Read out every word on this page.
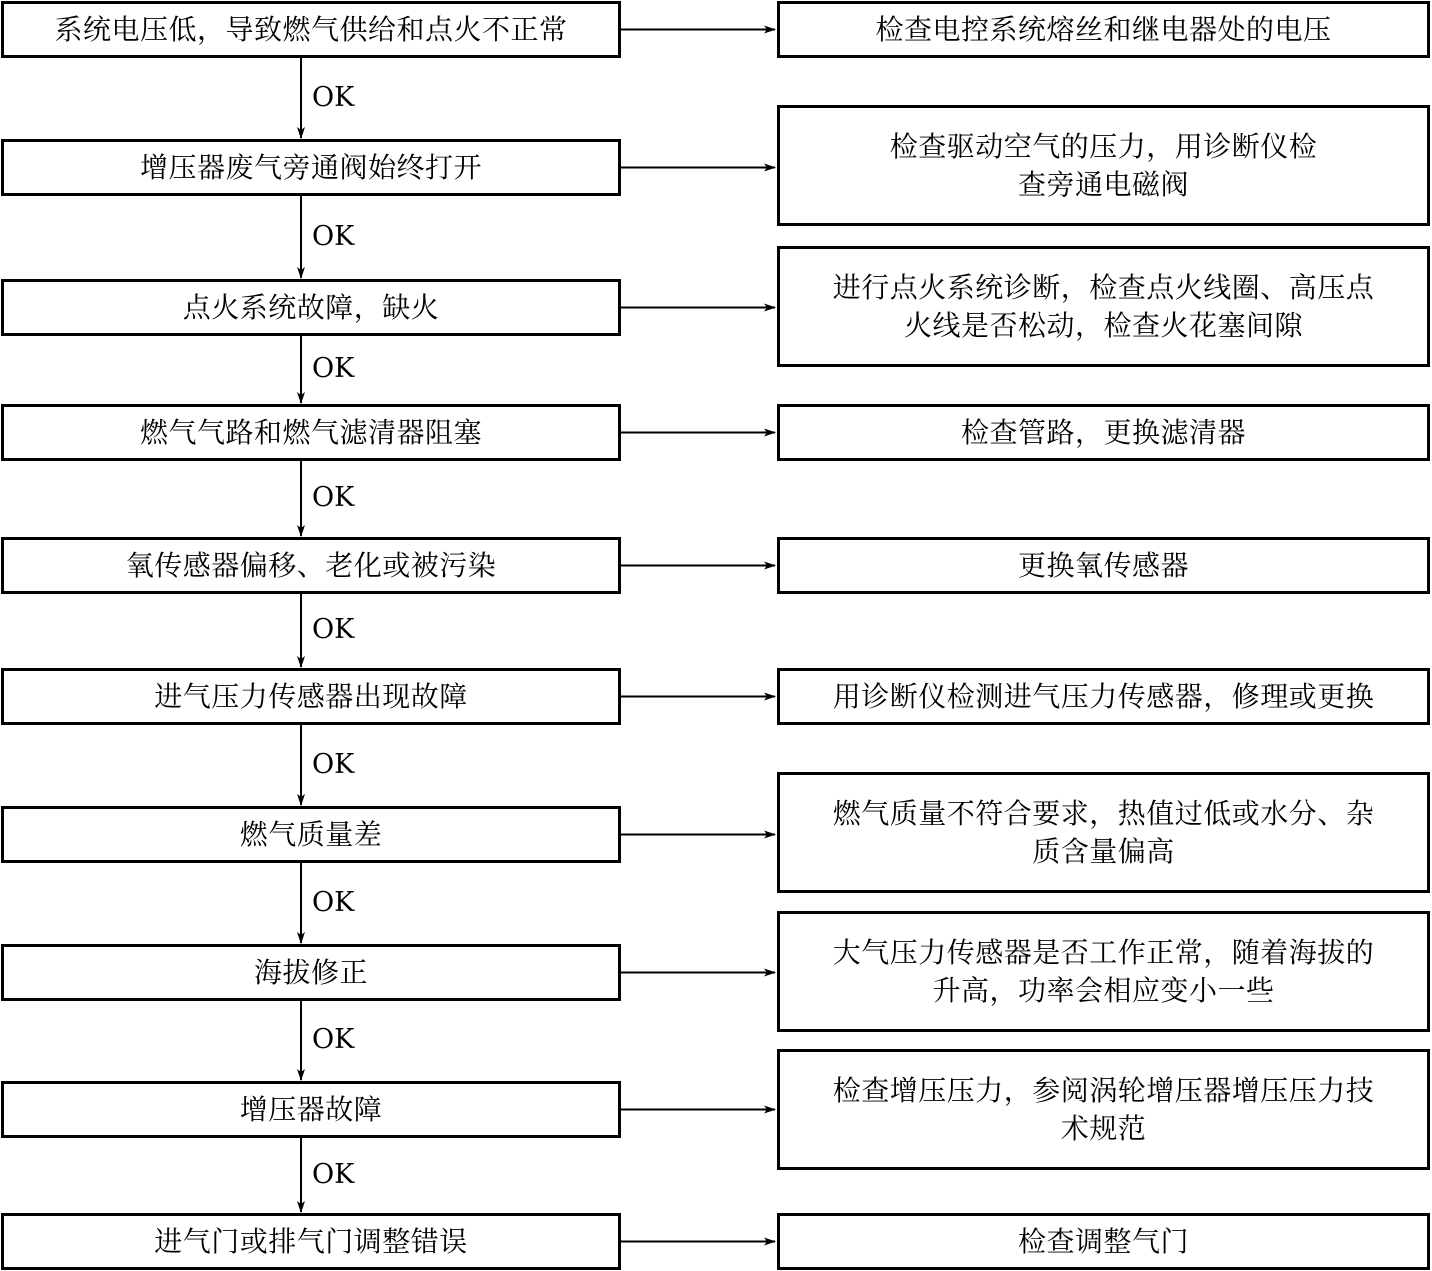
系统电压低，导致燃气供给和点火不正常	检查电控系统熔丝和继电器处的电压
OK
增压器废气旁通阀始终打开
检查驱动空气的压力，用诊断仪检
查旁通电磁阀
OK
点火系统故障，缺火
进行点火系统诊断，检查点火线圈、高压点
火线是否松动，检查火花塞间隙
OK
燃气气路和燃气滤清器阻塞	检查管路，更换滤清器
OK
氧传感器偏移、老化或被污染	更换氧传感器
OK
进气压力传感器出现故障	用诊断仪检测进气压力传感器，修理或更换
OK
燃气质量差
燃气质量不符合要求，热值过低或水分、杂
质含量偏高
OK
海拔修正
大气压力传感器是否工作正常，随着海拔的
升高，功率会相应变小一些
OK
增压器故障
检查增压压力，参阅涡轮增压器增压压力技
术规范
OK
进气门或排气门调整错误	检查调整气门
